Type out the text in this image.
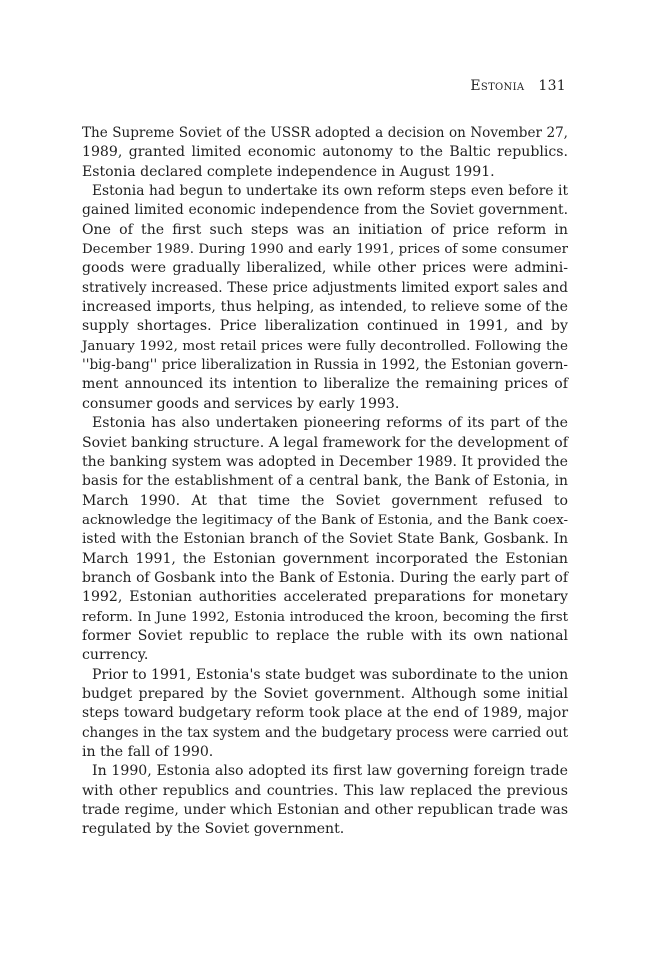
Estonia 131
The Supreme Soviet of the USSR adopted a decision on November 27,
1989, granted limited economic autonomy to the Baltic republics.
Estonia declared complete independence in August 1991.
Estonia had begun to undertake its own reform steps even before it
gained limited economic independence from the Soviet government.
One of the first such steps was an initiation of price reform in
December 1989. During 1990 and early 1991, prices of some consumer
goods were gradually liberalized, while other prices were admini-
stratively increased. These price adjustments limited export sales and
increased imports, thus helping, as intended, to relieve some of the
supply shortages. Price liberalization continued in 1991, and by
January 1992, most retail prices were fully decontrolled. Following the
''big-bang'' price liberalization in Russia in 1992, the Estonian govern-
ment announced its intention to liberalize the remaining prices of
consumer goods and services by early 1993.
Estonia has also undertaken pioneering reforms of its part of the
Soviet banking structure. A legal framework for the development of
the banking system was adopted in December 1989. It provided the
basis for the establishment of a central bank, the Bank of Estonia, in
March 1990. At that time the Soviet government refused to
acknowledge the legitimacy of the Bank of Estonia, and the Bank coex-
isted with the Estonian branch of the Soviet State Bank, Gosbank. In
March 1991, the Estonian government incorporated the Estonian
branch of Gosbank into the Bank of Estonia. During the early part of
1992, Estonian authorities accelerated preparations for monetary
reform. In June 1992, Estonia introduced the kroon, becoming the first
former Soviet republic to replace the ruble with its own national
currency.
Prior to 1991, Estonia's state budget was subordinate to the union
budget prepared by the Soviet government. Although some initial
steps toward budgetary reform took place at the end of 1989, major
changes in the tax system and the budgetary process were carried out
in the fall of 1990.
In 1990, Estonia also adopted its first law governing foreign trade
with other republics and countries. This law replaced the previous
trade regime, under which Estonian and other republican trade was
regulated by the Soviet government.
